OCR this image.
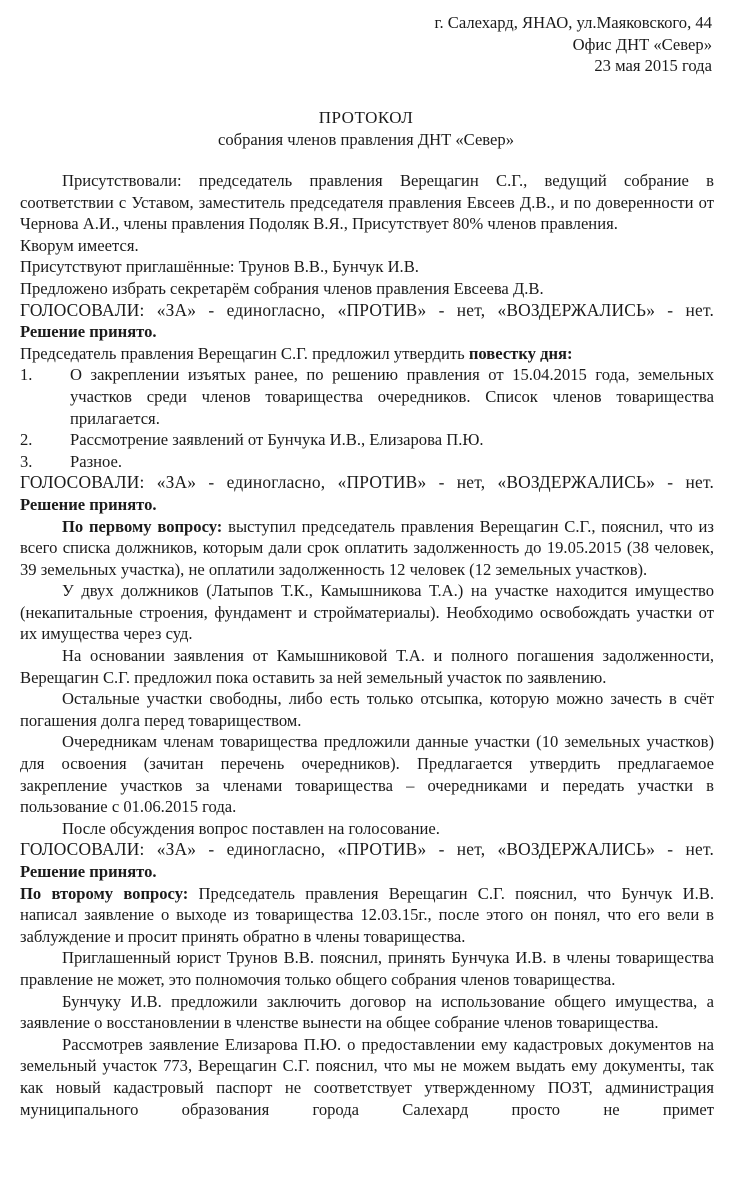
г. Салехард, ЯНАО, ул.Маяковского, 44
Офис ДНТ «Север»
23 мая 2015 года
ПРОТОКОЛ
собрания членов правления ДНТ «Север»

Присутствовали: председатель правления Верещагин С.Г., ведущий собрание в соответствии с Уставом, заместитель председателя правления Евсеев Д.В., и по доверенности от Чернова А.И., члены правления Подоляк В.Я., Присутствует 80% членов правления.

Кворум имеется.

Присутствуют приглашённые: Трунов В.В., Бунчук И.В.

Предложено избрать секретарём собрания членов правления Евсеева Д.В.

ГОЛОСОВАЛИ: «ЗА» - единогласно, «ПРОТИВ» - нет, «ВОЗДЕРЖАЛИСЬ» - нет.

Решение принято.

Председатель правления Верещагин С.Г. предложил утвердить повестку дня:

1.	О закреплении изъятых ранее, по решению правления от 15.04.2015 года, земельных участков среди членов товарищества очередников. Список членов товарищества прилагается.
2.	Рассмотрение заявлений от Бунчука И.В., Елизарова П.Ю.
3.	Разное.

ГОЛОСОВАЛИ: «ЗА» - единогласно, «ПРОТИВ» - нет, «ВОЗДЕРЖАЛИСЬ» - нет.

Решение принято.

По первому вопросу: выступил председатель правления Верещагин С.Г., пояснил, что из всего списка должников, которым дали срок оплатить задолженность до 19.05.2015 (38 человек, 39 земельных участка), не оплатили задолженность 12 человек (12 земельных участков).

У двух должников (Латыпов Т.К., Камышникова Т.А.) на участке находится имущество (некапитальные строения, фундамент и стройматериалы). Необходимо освобождать участки от их имущества через суд.

На основании заявления от Камышниковой Т.А. и полного погашения задолженности, Верещагин С.Г. предложил пока оставить за ней земельный участок по заявлению.

Остальные участки свободны, либо есть только отсыпка, которую можно зачесть в счёт погашения долга перед товариществом.

Очередникам членам товарищества предложили данные участки (10 земельных участков) для освоения (зачитан перечень очередников). Предлагается утвердить предлагаемое закрепление участков за членами товарищества – очередниками и передать участки в пользование с 01.06.2015 года.

После обсуждения вопрос поставлен на голосование.

ГОЛОСОВАЛИ: «ЗА» - единогласно, «ПРОТИВ» - нет, «ВОЗДЕРЖАЛИСЬ» - нет.

Решение принято.

По второму вопросу: Председатель правления Верещагин С.Г. пояснил, что Бунчук И.В. написал заявление о выходе из товарищества 12.03.15г., после этого он понял, что его вели в заблуждение и просит принять обратно в члены товарищества.

Приглашенный юрист Трунов В.В. пояснил, принять Бунчука И.В. в члены товарищества правление не может, это полномочия только общего собрания членов товарищества.

Бунчуку И.В. предложили заключить договор на использование общего имущества, а заявление о восстановлении в членстве вынести на общее собрание членов товарищества.

Рассмотрев заявление Елизарова П.Ю. о предоставлении ему кадастровых документов на земельный участок 773, Верещагин С.Г. пояснил, что мы не можем выдать ему документы, так как новый кадастровый паспорт не соответствует утвержденному ПОЗТ, администрация муниципального образования города Салехард просто не примет
